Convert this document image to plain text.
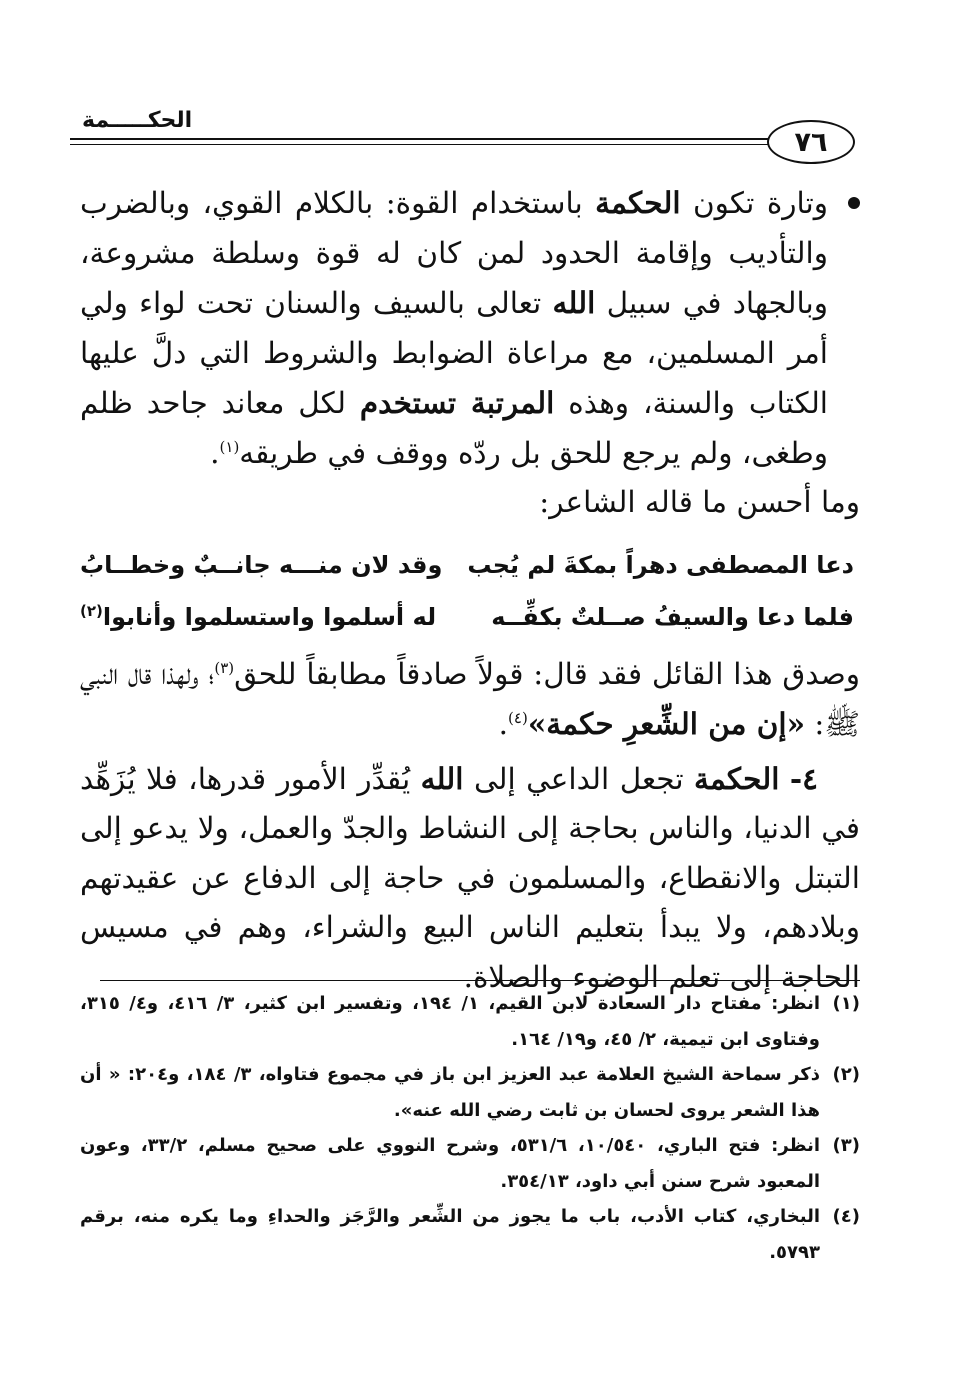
٧٦
الحكـــــمة

وتارة تكون الحكمة باستخدام القوة: بالكلام القوي، وبالضرب والتأديب وإقامة الحدود لمن كان له قوة وسلطة مشروعة، وبالجهاد في سبيل الله تعالى بالسيف والسنان تحت لواء ولي أمر المسلمين، مع مراعاة الضوابط والشروط التي دلَّ عليها الكتاب والسنة، وهذه المرتبة تستخدم لكل معاند جاحد ظلم وطغى، ولم يرجع للحق بل ردّه ووقف في طريقه$^{(١)}$.

وما أحسن ما قاله الشاعر:

دعا المصطفى دهراً بمكةَ لم يُجب
وقد لان منـــه جانــبٌ وخطــابُ
فلما دعا والسيفُ صــلتٌ بكفِّــه
له أسلموا واستسلموا وأنابوا$^{(٢)}$

وصدق هذا القائل فقد قال: قولاً صادقاً مطابقاً للحق$^{(٣)}$؛ ولهذا قال النبي ﷺ: «إن من الشِّعرِ حكمة»$^{(٤)}$.

٤- الحكمة تجعل الداعي إلى الله يُقدِّر الأمور قدرها، فلا يُزَهِّد في الدنيا، والناس بحاجة إلى النشاط والجدّ والعمل، ولا يدعو إلى التبتل والانقطاع، والمسلمون في حاجة إلى الدفاع عن عقيدتهم وبلادهم، ولا يبدأ بتعليم الناس البيع والشراء، وهم في مسيس الحاجة إلى تعلم الوضوء والصلاة.

(١)
انظر: مفتاح دار السعادة لابن القيم، ١/ ١٩٤، وتفسير ابن كثير، ٣/ ٤١٦، و٤/ ٣١٥، وفتاوى ابن تيمية، ٢/ ٤٥، و١٩/ ١٦٤.

(٢)
ذكر سماحة الشيخ العلامة عبد العزيز ابن باز في مجموع فتاواه، ٣/ ١٨٤، و٢٠٤: « أن هذا الشعر يروى لحسان بن ثابت رضي الله عنه».

(٣)
انظر: فتح الباري، ١٠/٥٤٠، ٥٣١/٦، وشرح النووي على صحيح مسلم، ٣٣/٢، وعون المعبود شرح سنن أبي داود، ٣٥٤/١٣.

(٤)
البخاري، كتاب الأدب، باب ما يجوز من الشِّعر والرَّجَز والحداءِ وما يكره منه، برقم ٥٧٩٣.
